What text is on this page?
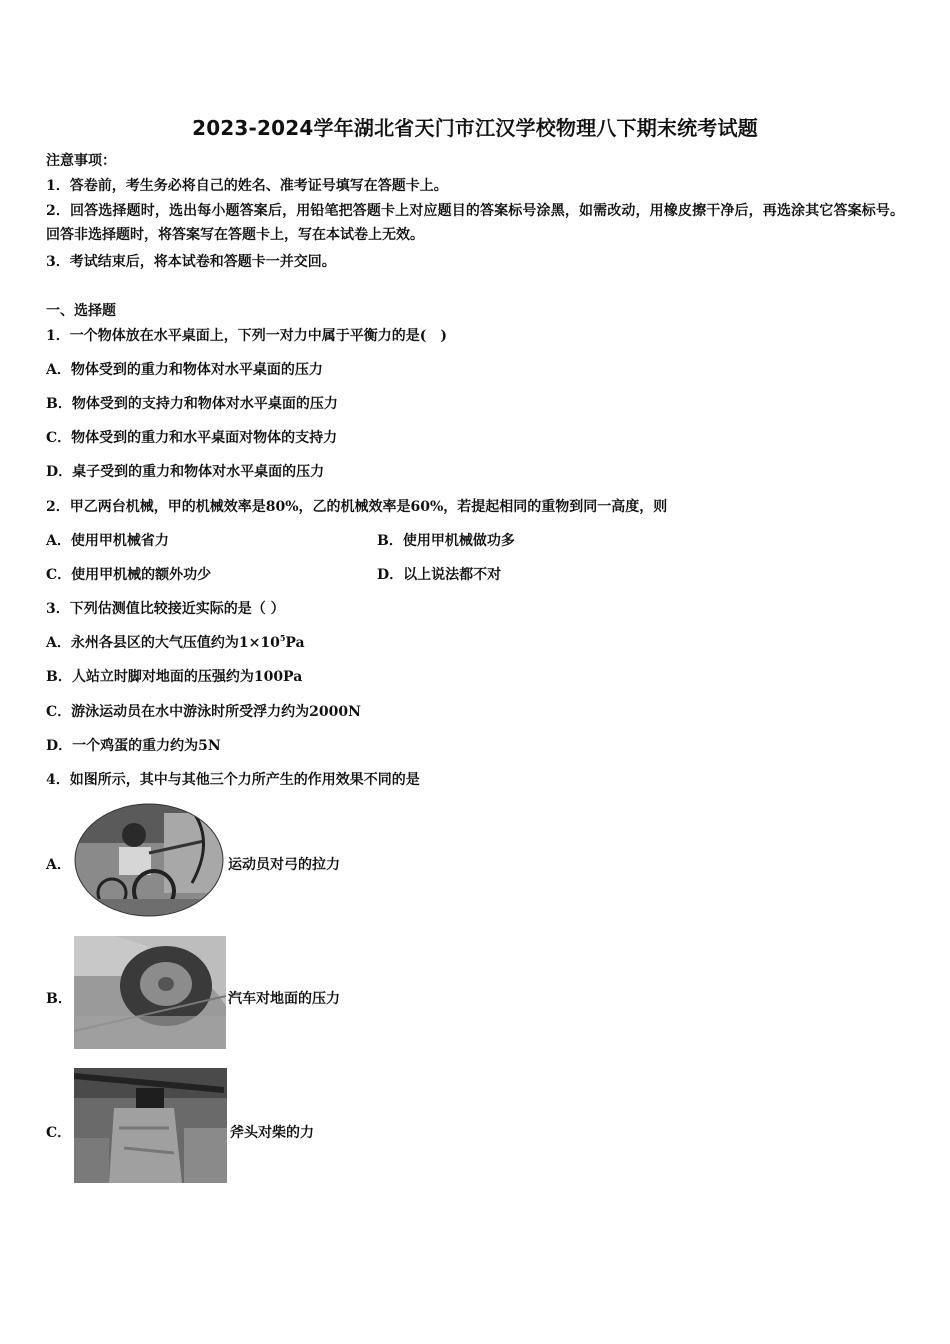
2023-2024学年湖北省天门市江汉学校物理八下期末统考试题
注意事项：
1．答卷前，考生务必将自己的姓名、准考证号填写在答题卡上。
2．回答选择题时，选出每小题答案后，用铅笔把答题卡上对应题目的答案标号涂黑，如需改动，用橡皮擦干净后，再选涂其它答案标号。回答非选择题时，将答案写在答题卡上，写在本试卷上无效。
3．考试结束后，将本试卷和答题卡一并交回。
一、选择题
1．一个物体放在水平桌面上，下列一对力中属于平衡力的是(　)
A．物体受到的重力和物体对水平桌面的压力
B．物体受到的支持力和物体对水平桌面的压力
C．物体受到的重力和水平桌面对物体的支持力
D．桌子受到的重力和物体对水平桌面的压力
2．甲乙两台机械，甲的机械效率是80%，乙的机械效率是60%，若提起相同的重物到同一高度，则
A．使用甲机械省力	B．使用甲机械做功多
C．使用甲机械的额外功少	D．以上说法都不对
3．下列估测值比较接近实际的是（ ）
A．永州各县区的大气压值约为$1\times 10^5Pa$
B．人站立时脚对地面的压强约为100Pa
C．游泳运动员在水中游泳时所受浮力约为2000N
D．一个鸡蛋的重力约为5N
4．如图所示，其中与其他三个力所产生的作用效果不同的是
A．	运动员对弓的拉力
B．	汽车对地面的压力
C．	斧头对柴的力
